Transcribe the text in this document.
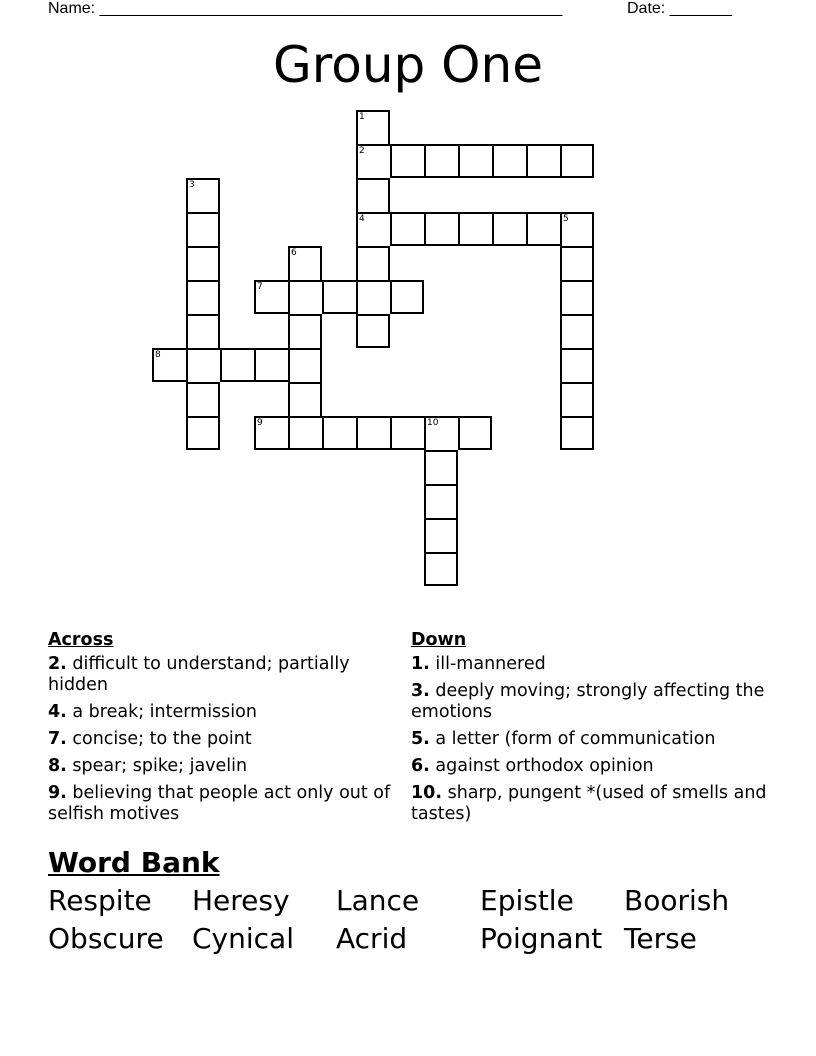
Name: ____________________________________________________	Date: _______
Group One
2
4	5
7
8
9	10
1
3
6
Across
2. difficult to understand; partially hidden
4. a break; intermission
7. concise; to the point
8. spear; spike; javelin
9. believing that people act only out of selfish motives
Down
1. ill-mannered
3. deeply moving; strongly affecting the emotions
5. a letter (form of communication
6. against orthodox opinion
10. sharp, pungent *(used of smells and tastes)
Word Bank
Respite Heresy Lance Epistle Boorish
Obscure Cynical Acrid	Poignant Terse
